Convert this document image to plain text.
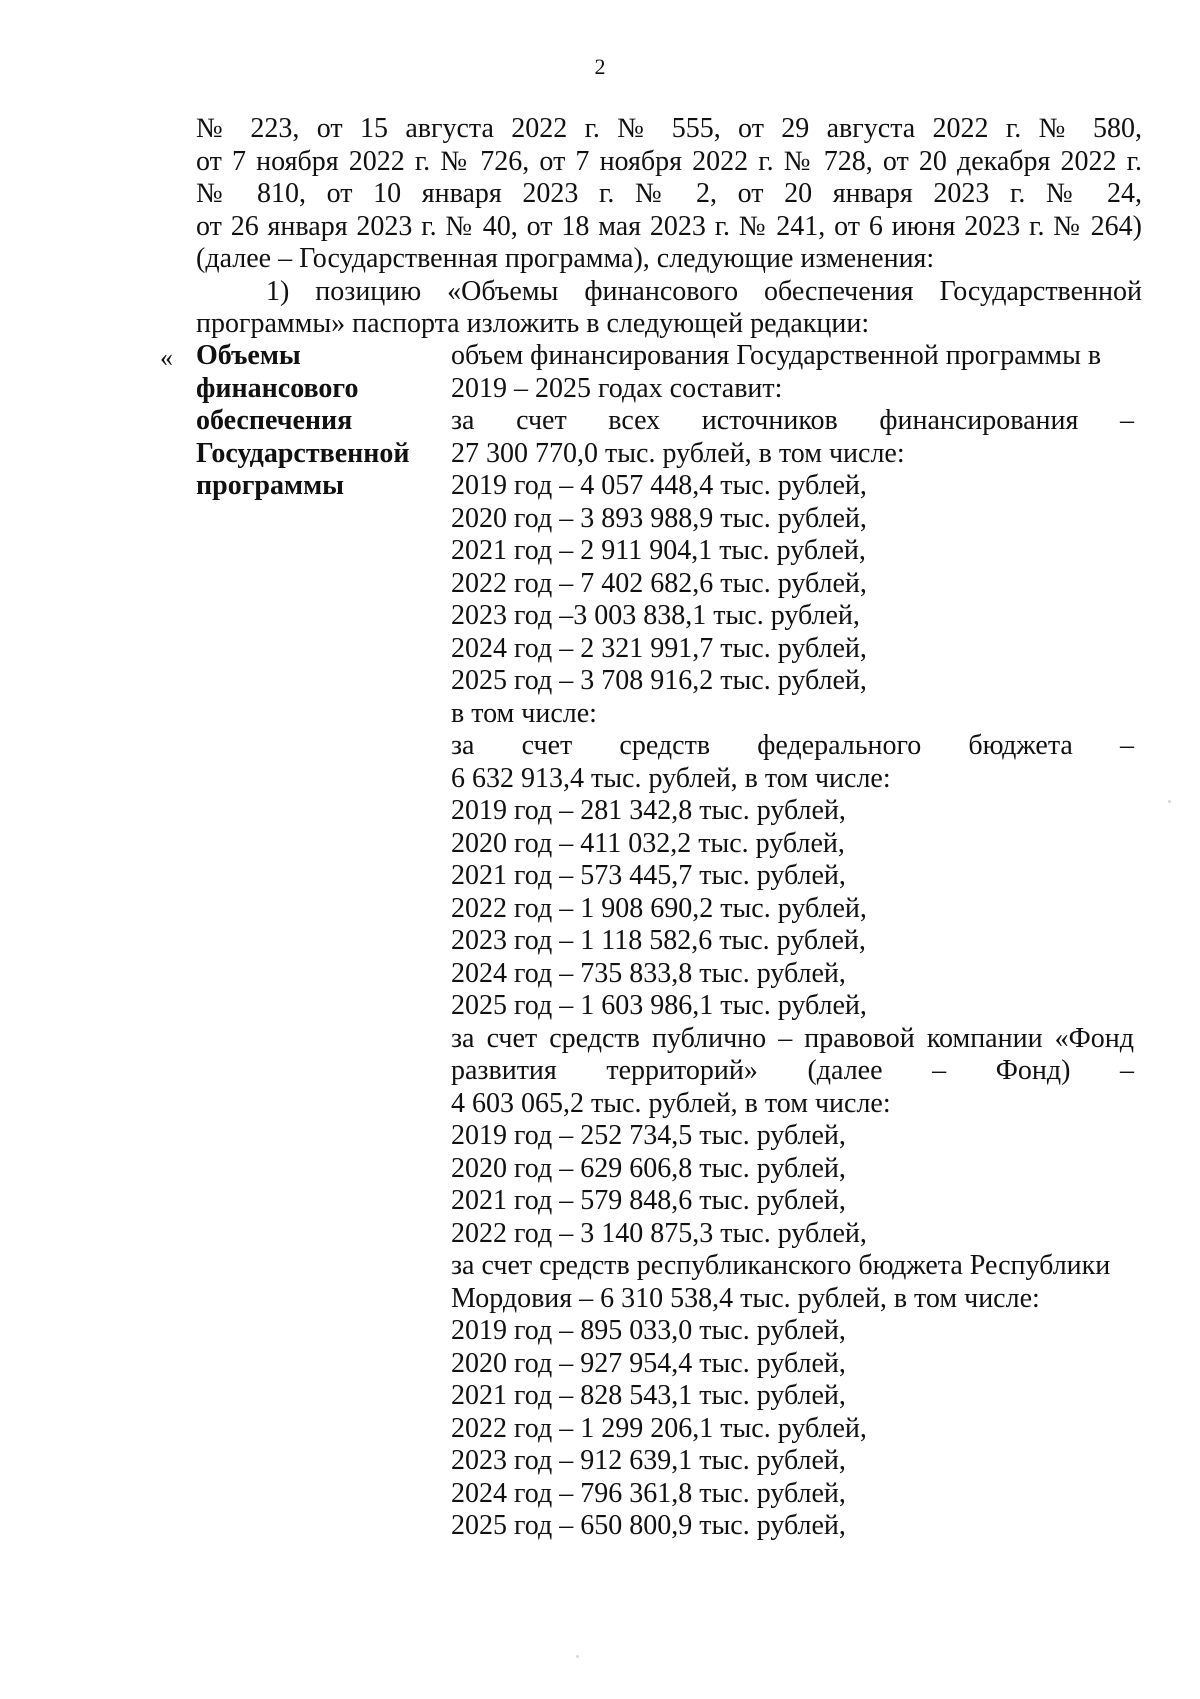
2
№ 223, от 15 августа 2022 г. № 555, от 29 августа 2022 г. № 580,
от 7 ноября 2022 г. № 726, от 7 ноября 2022 г. № 728, от 20 декабря 2022 г.
№ 810, от 10 января 2023 г. № 2, от 20 января 2023 г. № 24,
от 26 января 2023 г. № 40, от 18 мая 2023 г. № 241, от 6 июня 2023 г. № 264)
(далее – Государственная программа), следующие изменения:
1) позицию «Объемы финансового обеспечения Государственной
программы» паспорта изложить в следующей редакции:
« Объемы
финансового
обеспечения
Государственной
программы
объем финансирования Государственной программы в
2019 – 2025 годах составит:
за счет всех источников финансирования –
27 300 770,0 тыс. рублей, в том числе:
2019 год – 4 057 448,4 тыс. рублей,
2020 год – 3 893 988,9 тыс. рублей,
2021 год – 2 911 904,1 тыс. рублей,
2022 год – 7 402 682,6 тыс. рублей,
2023 год –3 003 838,1 тыс. рублей,
2024 год – 2 321 991,7 тыс. рублей,
2025 год – 3 708 916,2 тыс. рублей,
в том числе:
за счет средств федерального бюджета –
6 632 913,4 тыс. рублей, в том числе:
2019 год – 281 342,8 тыс. рублей,
2020 год – 411 032,2 тыс. рублей,
2021 год – 573 445,7 тыс. рублей,
2022 год – 1 908 690,2 тыс. рублей,
2023 год – 1 118 582,6 тыс. рублей,
2024 год – 735 833,8 тыс. рублей,
2025 год – 1 603 986,1 тыс. рублей,
за счет средств публично – правовой компании «Фонд
развития территорий» (далее – Фонд) –
4 603 065,2 тыс. рублей, в том числе:
2019 год – 252 734,5 тыс. рублей,
2020 год – 629 606,8 тыс. рублей,
2021 год – 579 848,6 тыс. рублей,
2022 год – 3 140 875,3 тыс. рублей,
за счет средств республиканского бюджета Республики
Мордовия – 6 310 538,4 тыс. рублей, в том числе:
2019 год – 895 033,0 тыс. рублей,
2020 год – 927 954,4 тыс. рублей,
2021 год – 828 543,1 тыс. рублей,
2022 год – 1 299 206,1 тыс. рублей,
2023 год – 912 639,1 тыс. рублей,
2024 год – 796 361,8 тыс. рублей,
2025 год – 650 800,9 тыс. рублей,
